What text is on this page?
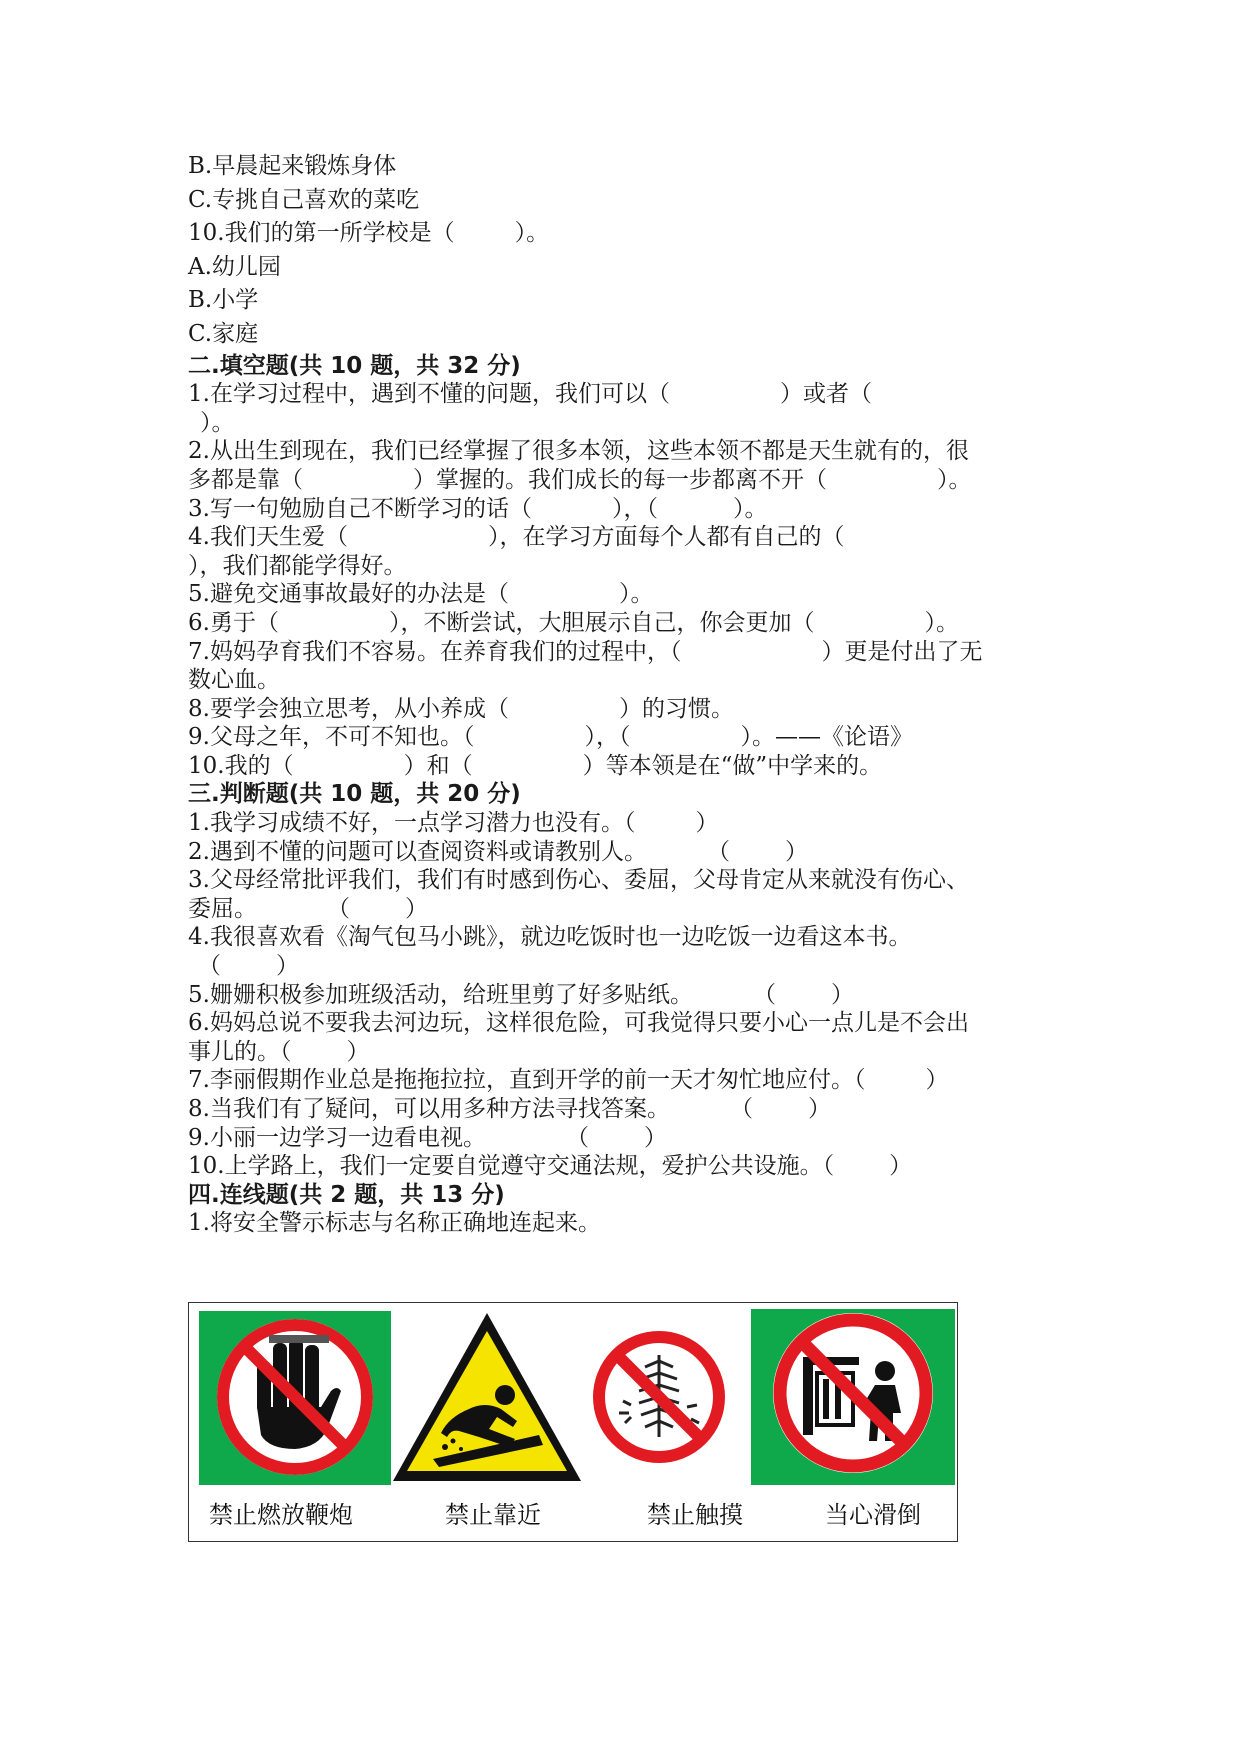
B.早晨起来锻炼身体
C.专挑自己喜欢的菜吃
10.我们的第一所学校是（	）。
A.幼儿园
B.小学
C.家庭
二.填空题(共 10 题，共 32 分)
1.在学习过程中，遇到不懂的问题，我们可以（	）或者（
）。
2.从出生到现在，我们已经掌握了很多本领，这些本领不都是天生就有的，很
多都是靠（	）掌握的。我们成长的每一步都离不开（	）。
3.写一句勉励自己不断学习的话（	），（	）。
4.我们天生爱（	），在学习方面每个人都有自己的（
），我们都能学得好。
5.避免交通事故最好的办法是（	）。
6.勇于（	），不断尝试，大胆展示自己，你会更加（	）。
7.妈妈孕育我们不容易。在养育我们的过程中，（	）更是付出了无
数心血。
8.要学会独立思考，从小养成（	）的习惯。
9.父母之年，不可不知也。（	），（	）。——《论语》
10.我的（	）和（	）等本领是在“做”中学来的。
三.判断题(共 10 题，共 20 分)
1.我学习成绩不好，一点学习潜力也没有。（	）
2.遇到不懂的问题可以查阅资料或请教别人。	（ ）
3.父母经常批评我们，我们有时感到伤心、委屈，父母肯定从来就没有伤心、
委屈。	（ ）
4.我很喜欢看《淘气包马小跳》，就边吃饭时也一边吃饭一边看这本书。
（ ）
5.姗姗积极参加班级活动，给班里剪了好多贴纸。	（ ）
6.妈妈总说不要我去河边玩，这样很危险，可我觉得只要小心一点儿是不会出
事儿的。（ ）
7.李丽假期作业总是拖拖拉拉，直到开学的前一天才匆忙地应付。（	）
8.当我们有了疑问，可以用多种方法寻找答案。	（ ）
9.小丽一边学习一边看电视。	（ ）
10.上学路上，我们一定要自觉遵守交通法规，爱护公共设施。（ ）
四.连线题(共 2 题，共 13 分)
1.将安全警示标志与名称正确地连起来。
禁止燃放鞭炮	禁止靠近	禁止触摸	当心滑倒
